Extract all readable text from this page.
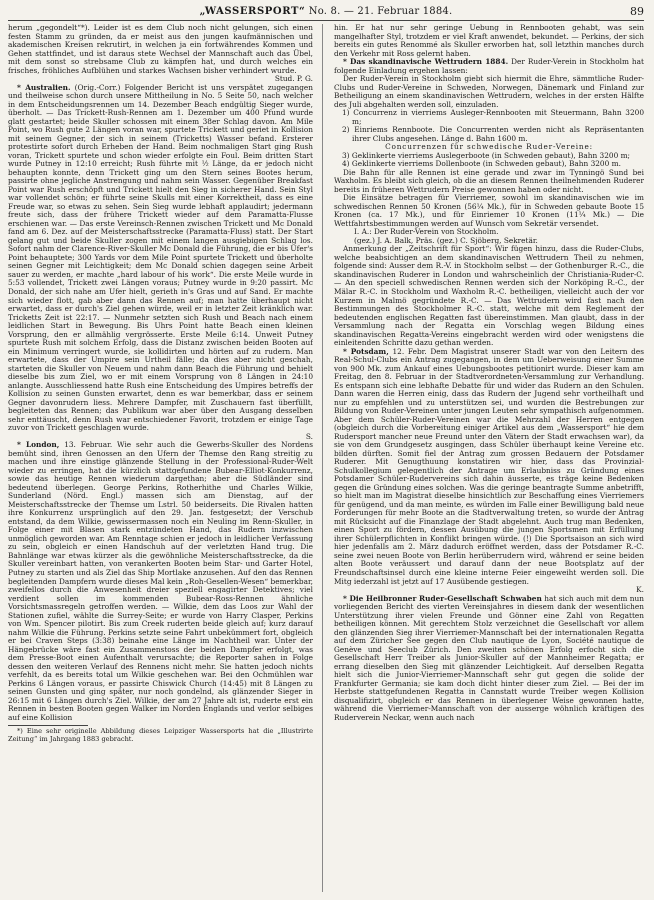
„WASSERSPORT“ No. 8. — 21. Februar 1884.	89

herum „gegondelt“*). Leider ist es dem Club noch nicht gelungen, sich einen festen Stamm zu gründen, da er meist aus den jungen kaufmännischen und akademischen Kreisen rekrutirt, in welchen ja ein fortwährendes Kommen und Gehen stattfindet, und ist daraus stete Wechsel der Mannschaft auch das Übel, mit dem sonst so strebsame Club zu kämpfen hat, und durch welches ein frisches, fröhliches Aufblühen und starkes Wachsen bisher verhindert wurde.

Stud. P. G.

* Australien. (Orig.-Corr.) Folgender Bericht ist uns verspätet zugegangen und theilweise schon durch unsere Mittheilung in No. 5 Seite 50, nach welcher in dem Entscheidungsrennen um 14. Dezember Beach endgültig Sieger wurde, überholt. — Das Trickett-Rush-Rennen am 1. Dezember um 400 Pfund wurde glatt gestartet; beide Skuller schossen mit einem 38er Schlag davon. Am Mile Point, wo Rush gute 2 Längen voran war, spurtete Trickett und geriet in Kollision mit seinem Gegner, der sich in seinem (Tricketts) Wasser befand. Ersterer protestirte sofort durch Erheben der Hand. Beim nochmaligen Start ging Rush voran, Trickett spurtete und schon wieder erfolgte ein Foul. Beim dritten Start wurde Putney in 12:10 erreicht; Rush führte mit ½ Länge, da er jedoch nicht behaupten konnte, denn Trickett ging um den Stern seines Bootes herum, passirte ohne jegliche Anstrengung und nahm sein Wasser. Gegenüber Breakfast Point war Rush erschöpft und Trickett hielt den Sieg in sicherer Hand. Sein Styl war vollendet schön; er führte seine Skulls mit einer Korrektheit, dass es eine Freude war, so etwas zu sehen. Sein Sieg wurde lebhaft applaudirt; jedermann freute sich, dass der frühere Trickett wieder auf dem Paramatta-Flusse erschienen war. — Das erste Vereinsch-Rennen zwischen Trickett und Mc Donald fand am 6. Dez. auf der Meisterschaftsstrecke (Paramatta-Fluss) statt. Der Start gelang gut und beide Skuller zogen mit einem langen ausgiebigen Schlag los. Sofort nahm der Clarence-River-Skuller Mc Donald die Führung, die er bis Ufer's Point behauptete; 300 Yards vor dem Mile Point spurtete Trickett und überholte seinen Gegner mit Leichtigkeit; dem Mc Donald schien dagegen seine Arbeit sauer zu werden, er machte „hard labour of his work“. Die erste Meile wurde in 5:53 vollendet, Trickett zwei Längen voraus; Putney wurde in 9:20 passirt. Mc Donald, der sich nahe am Ufer hielt, gerieth in's Gras und auf Sand. Er machte sich wieder flott, gab aber dann das Rennen auf; man hatte überhaupt nicht erwartet, dass er durch's Ziel gehen würde, weil er in letzter Zeit kränklich war. Tricketts Zeit ist 22:17. — Nunmehr setzten sich Rush und Beach nach einem leidlichen Start in Bewegung. Bis Uhrs Point hatte Beach einen kleinen Vorsprung, den er allmählig vergrösserte. Erste Meile 6:14. Unweit Putney spurtete Rush mit solchem Erfolg, dass die Distanz zwischen beiden Booten auf ein Minimum verringert wurde, sie kollidirten und hörten auf zu rudern. Man erwartete, dass der Umpire sein Urtheil fälle; da dies aber nicht geschah, starteten die Skuller von Neuem und nahm dann Beach die Führung und behielt dieselbe bis zum Ziel, wo er mit einem Vorsprung von 8 Längen in 24:10 anlangte. Ausschliessend hatte Rush eine Entscheidung des Umpires betreffs der Kollision zu seinen Gunsten erwartet, denn es war bemerkbar, dass er seinem Gegner davonrudern liess. Mehrere Dampfer, mit Zuschauern fast überfüllt, begleiteten das Rennen; das Publikum war aber über den Ausgang desselben sehr enttäuscht, denn Rush war entschiedener Favorit, trotzdem er einige Tage zuvor von Trickett geschlagen wurde.

S.

* London, 13. Februar. Wie sehr auch die Gewerbs-Skuller des Nordens bemüht sind, ihren Genossen an den Ufern der Themse den Rang streitig zu machen und ihre einstige glänzende Stellung in der Professional-Ruder-Welt wieder zu erringen, hat die kürzlich stattgefundene Bubear-Elliot-Konkurrenz, sowie das heutige Rennen wiederum dargethan; aber die Südländer sind bedeutend überlegen. George Perkins, Rotherhithe und Charles Wilkie, Sunderland (Nörd. Engl.) massen sich am Dienstag, auf der Meisterschaftsstrecke der Themse um Lstrl. 50 beiderseits. Die Rivalen hatten ihre Konkurrenz ursprünglich auf den 29. Jan. festgesetzt; der Verschub entstand, da dem Wilkie, gewissermassen noch ein Neuling im Renn-Skuller, in Folge einer mit Blasen stark entzündeten Hand, das Rudern inzwischen unmöglich geworden war. Am Renntage schien er jedoch in leidlicher Verfassung zu sein, obgleich er einen Handschuh auf der verletzten Hand trug. Die Bahnlänge war etwas kürzer als die gewöhnliche Meisterschaftsstrecke, da die Skuller vereinbart hatten, von verankerten Booten beim Star- und Garter Hotel, Putney zu starten und als Ziel das Ship Mortlake anzusehen. Auf den das Rennen begleitenden Dampfern wurde dieses Mal kein „Roh-Gesellen-Wesen“ bemerkbar, zweifellos durch die Anwesenheit dreier speziell engagirter Detektives; viel verdient sollen im kommenden Bubear-Ross-Rennen ähnliche Vorsichtsmassregeln getroffen werden. — Wilkie, dem das Loos zur Wahl der Stationen zufiel, wählte die Surrey-Seite; er wurde von Harry Clasper, Perkins von Wm. Spencer pilotirt. Bis zum Creek ruderten beide gleich auf; kurz darauf nahm Wilkie die Führung. Perkins setzte seine Fahrt unbekümmert fort, obgleich er bei Craven Steps (3:38) beinahe eine Länge im Nachtheil war. Unter der Hängebrücke wäre fast ein Zusammenstoss der beiden Dampfer erfolgt, was dem Presse-Boot einen Aufenthalt verursachte; die Reporter sahen in Folge dessen den weiteren Verlauf des Rennens nicht mehr. Sie hatten jedoch nichts verfehlt, da es bereits total um Wilkie geschehen war. Bei den Ochmühlen war Perkins 6 Längen voraus, er passirte Chiswick Church (14:45) mit 8 Längen zu seinen Gunsten und ging später, nur noch gondelnd, als glänzender Sieger in 26:15 mit 6 Längen durch's Ziel. Wilkie, der am 27 Jahre alt ist, ruderte erst ein Rennen in besten Booten gegen Walker im Norden Englands und verlor selbiges auf eine Kollision

*) Eine sehr originelle Abbildung dieses Leipziger Wassersports hat die „Illustrirte Zeitung“ im Jahrgang 1883 gebracht.

hin. Er hat nur sehr geringe Uebung in Rennbooten gehabt, was sein mangelhafter Styl, trotzdem er viel Kraft anwendet, bekundet. — Perkins, der sich bereits ein gutes Renommé als Skuller erworben hat, soll letzthin manches durch den Verkehr mit Ross gelernt haben.

* Das skandinavische Wettrudern 1884. Der Ruder-Verein in Stockholm hat folgende Einladung ergehen lassen:

Der Ruder-Verein in Stockholm giebt sich hiermit die Ehre, sämmtliche Ruder-Clubs und Ruder-Vereine in Schweden, Norwegen, Dänemark und Finland zur Betheiligung an einem skandinavischen Wettrudern, welches in der ersten Hälfte des Juli abgehalten werden soll, einzuladen.

1) Concurrenz in vierriems Ausleger-Rennbooten mit Steuermann, Bahn 3200 m;

2) Einriems Rennboote. Die Concurrenten werden nicht als Repräsentanten ihrer Clubs angesehen. Länge d. Bahn 1600 m.

Concurrenzen für schwedische Ruder-Vereine:

3) Geklinkerte vierriems Auslegerboote (in Schweden gebaut), Bahn 3200 m;

4) Geklinkerte vierriems Dollenboote (in Schweden gebaut), Bahn 3200 m.

Die Bahn für alle Rennen ist eine gerade und zwar im Tynningö Sund bei Waxholm. Es bleibt sich gleich, ob die an diesem Rennen theilnehmenden Ruderer bereits in früheren Wettrudern Preise gewonnen haben oder nicht.

Die Einsätze betragen für Vierriemer, sowohl im skandinavischen wie im schwedischen Rennen 50 Kronen (56¼ Mk.), für in Schweden gebaute Boote 15 Kronen (ca. 17 Mk.), und für Einriemer 10 Kronen (11¼ Mk.) — Die Wettfahrtsbestimmungen werden auf Wunsch vom Sekretär versendet.

I. A.: Der Ruder-Verein von Stockholm.

(gez.) J. A. Balk, Präs. (gez.) C. Sjöberg, Sekretär.

Anmerkung der „Zeitschrift für Sport“: Wir fügen hinzu, dass die Ruder-Clubs, welche beabsichtigen an dem skandinavischen Wettrudern Theil zu nehmen, folgende sind: Ausser dem R.-V. in Stockholm selbst — der Gothenburger R.-C., die skandinavischen Ruderer in London und wahrscheinlich der Christiania-Ruder-C. — An den speciell schwedischen Rennen werden sich der Norköping R.-C., der Mälar R.-C. in Stockholm und Waxholm R.-C. betheiligen, vielleicht auch der vor Kurzem in Malmö gegründete R.-C. — Das Wettrudern wird fast nach den Bestimmungen des Stockholmer R.-C. statt, welche mit dem Reglement der bedeutenden englischen Regatten fast übereinstimmen. Man glaubt, dass in der Versammlung nach der Regatta ein Vorschlag wegen Bildung eines skandinavischen Regatta-Vereins eingebracht werden wird oder wenigstens die einleitenden Schritte dazu gethan werden.

* Potsdam, 12. Febr. Dem Magistrat unserer Stadt war von den Leitern des Real-Schul-Clubs ein Antrag zugegangen, in dem um Ueberweisung einer Summe von 900 Mk. zum Ankauf eines Uebungsbootes petitionirt wurde. Dieser kam am Freitag, den 8. Februar in der Stadtverordneten-Versammlung zur Verhandlung. Es entspann sich eine lebhafte Debatte für und wider das Rudern an den Schulen. Dann waren die Herren einig, dass das Rudern der Jugend sehr vortheilhaft und nur zu empfehlen und zu unterstützen sei, und wurden die Bestrebungen zur Bildung von Ruder-Vereinen unter jungen Leuten sehr sympathisch aufgenommen. Aber dem Schüler-Ruder-Vereinen war die Mehrzahl der Herren entgegen (obgleich durch die Vorbereitung einiger Artikel aus dem „Wassersport“ hie dem Rudersport mancher neue Freund unter den Vätern der Stadt erwachsen war), da sie von dem Grundgesetz ausgingen, dass Schüler überhaupt keine Vereine etc. bilden dürften. Somit fiel der Antrag zum grossen Bedauern der Potsdamer Ruderer. Mit Genugthuung konstatiren wir hier, dass das Provinzial-Schulkollegium gelegentlich der Antrage um Erlaubniss zu Gründung eines Potsdamer Schüler-Rudervereins sich dahin äusserte, es träge keine Bedenken gegen die Gründung eines solchen. Was die geringe beantragte Summe anbetrifft, so hielt man im Magistrat dieselbe hinsichtlich zur Beschaffung eines Vierriemers für genügend, und da man meinte, es würden im Falle einer Bewilligung bald neue Forderungen für mehr Boote an die Stadtverwaltung treten, so wurde der Antrag mit Rücksicht auf die Finanzlage der Stadt abgelehnt. Auch trug man Bedenken, einen Sport zu fördern, dessen Ausübung die jungen Sportsmen mit Erfüllung ihrer Schülerpflichten in Konflikt bringen würde. (!) Die Sportsaison an sich wird hier jedenfalls am 2. März dadurch eröffnet werden, dass der Potsdamer R.-C. seine zwei neuen Boote von Berlin herüberrudern wird, während er seine beiden alten Boote veräussert und darauf dann der neue Bootsplatz auf der Freundschaftsinsel durch eine kleine interne Feier eingeweiht werden soll. Die Mitg iederzahl ist jetzt auf 17 Ausübende gestiegen.

K.

* Die Heilbronner Ruder-Gesellschaft Schwaben hat sich auch mit dem nun vorliegenden Bericht des vierten Vereinsjahres in diesem dank der wesentlichen Unterstützung ihrer vielen Freunde und Gönner eine Zahl von Regatten betheiligen können. Mit gerechtem Stolz verzeichnet die Gesellschaft vor allem den glänzenden Sieg ihrer Vierriemer-Mannschaft bei der internationalen Regatta auf dem Züricher See gegen den Club nautique de Lyon, Société nautique de Genève und Seeclub Zürich. Den zweiten schönen Erfolg erfocht sich die Gesellschaft Herr Treiber als Junior-Skuller auf der Mannheimer Regatta; er errang dieselben den Sieg mit glänzender Leichtigkeit. Auf derselben Regatta hielt sich die Junior-Vierriemer-Mannschaft sehr gut gegen die solide der Frankfurter Germania; sie kam doch dicht hinter dieser zum Ziel. — Bei der im Herbste stattgefundenen Regatta in Cannstatt wurde Treiber wegen Kollision disqualifizirt, obgleich er das Rennen in überlegener Weise gewonnen hatte, während die Vierriemer-Mannschaft von der ausserge wöhnlich kräftigen des Ruderverein Neckar, wenn auch nach
